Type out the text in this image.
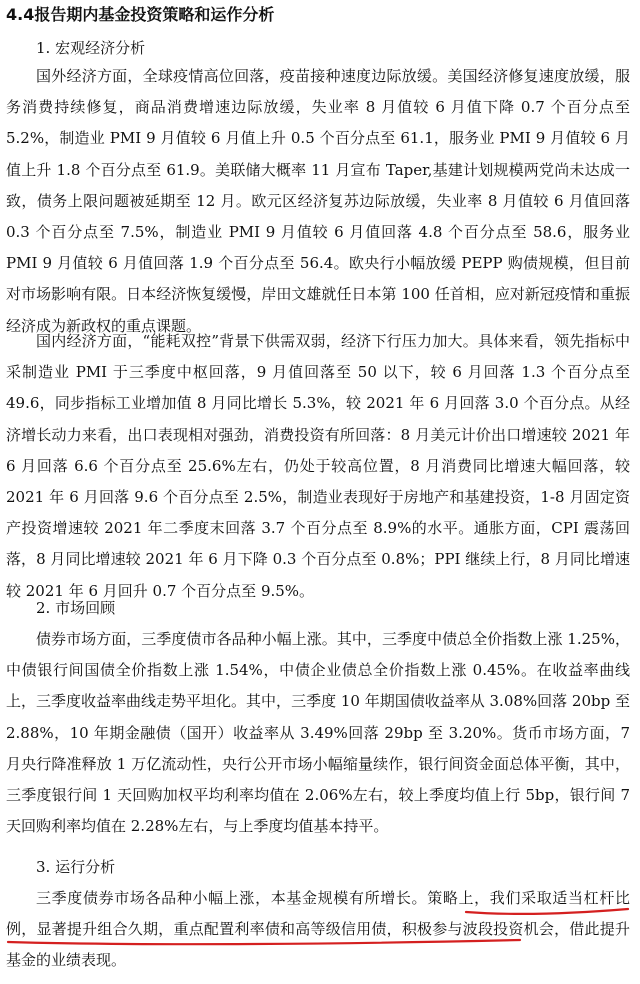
4.4报告期内基金投资策略和运作分析

1. 宏观经济分析

国外经济方面，全球疫情高位回落，疫苗接种速度边际放缓。美国经济修复速度放缓，服务消费持续修复，商品消费增速边际放缓，失业率 8 月值较 6 月值下降 0.7 个百分点至 5.2%，制造业 PMI 9 月值较 6 月值上升 0.5 个百分点至 61.1，服务业 PMI 9 月值较 6 月值上升 1.8 个百分点至 61.9。美联储大概率 11 月宣布 Taper,基建计划规模两党尚未达成一致，债务上限问题被延期至 12 月。欧元区经济复苏边际放缓，失业率 8 月值较 6 月值回落 0.3 个百分点至 7.5%，制造业 PMI 9 月值较 6 月值回落 4.8 个百分点至 58.6，服务业 PMI 9 月值较 6 月值回落 1.9 个百分点至 56.4。欧央行小幅放缓 PEPP 购债规模，但目前对市场影响有限。日本经济恢复缓慢，岸田文雄就任日本第 100 任首相，应对新冠疫情和重振经济成为新政权的重点课题。

国内经济方面，“能耗双控”背景下供需双弱，经济下行压力加大。具体来看，领先指标中采制造业 PMI 于三季度中枢回落，9 月值回落至 50 以下，较 6 月回落 1.3 个百分点至 49.6，同步指标工业增加值 8 月同比增长 5.3%，较 2021 年 6 月回落 3.0 个百分点。从经济增长动力来看，出口表现相对强劲，消费投资有所回落：8 月美元计价出口增速较 2021 年 6 月回落 6.6 个百分点至 25.6%左右，仍处于较高位置，8 月消费同比增速大幅回落，较 2021 年 6 月回落 9.6 个百分点至 2.5%，制造业表现好于房地产和基建投资，1-8 月固定资产投资增速较 2021 年二季度末回落 3.7 个百分点至 8.9%的水平。通胀方面，CPI 震荡回落，8 月同比增速较 2021 年 6 月下降 0.3 个百分点至 0.8%；PPI 继续上行，8 月同比增速较 2021 年 6 月回升 0.7 个百分点至 9.5%。

2. 市场回顾

债券市场方面，三季度债市各品种小幅上涨。其中，三季度中债总全价指数上涨 1.25%，中债银行间国债全价指数上涨 1.54%，中债企业债总全价指数上涨 0.45%。在收益率曲线上，三季度收益率曲线走势平坦化。其中，三季度 10 年期国债收益率从 3.08%回落 20bp 至 2.88%，10 年期金融债（国开）收益率从 3.49%回落 29bp 至 3.20%。货币市场方面，7 月央行降准释放 1 万亿流动性，央行公开市场小幅缩量续作，银行间资金面总体平衡，其中，三季度银行间 1 天回购加权平均利率均值在 2.06%左右，较上季度均值上行 5bp，银行间 7 天回购利率均值在 2.28%左右，与上季度均值基本持平。

3. 运行分析

三季度债券市场各品种小幅上涨，本基金规模有所增长。策略上，我们采取适当杠杆比例，显著提升组合久期，重点配置利率债和高等级信用债，积极参与波段投资机会，借此提升基金的业绩表现。
